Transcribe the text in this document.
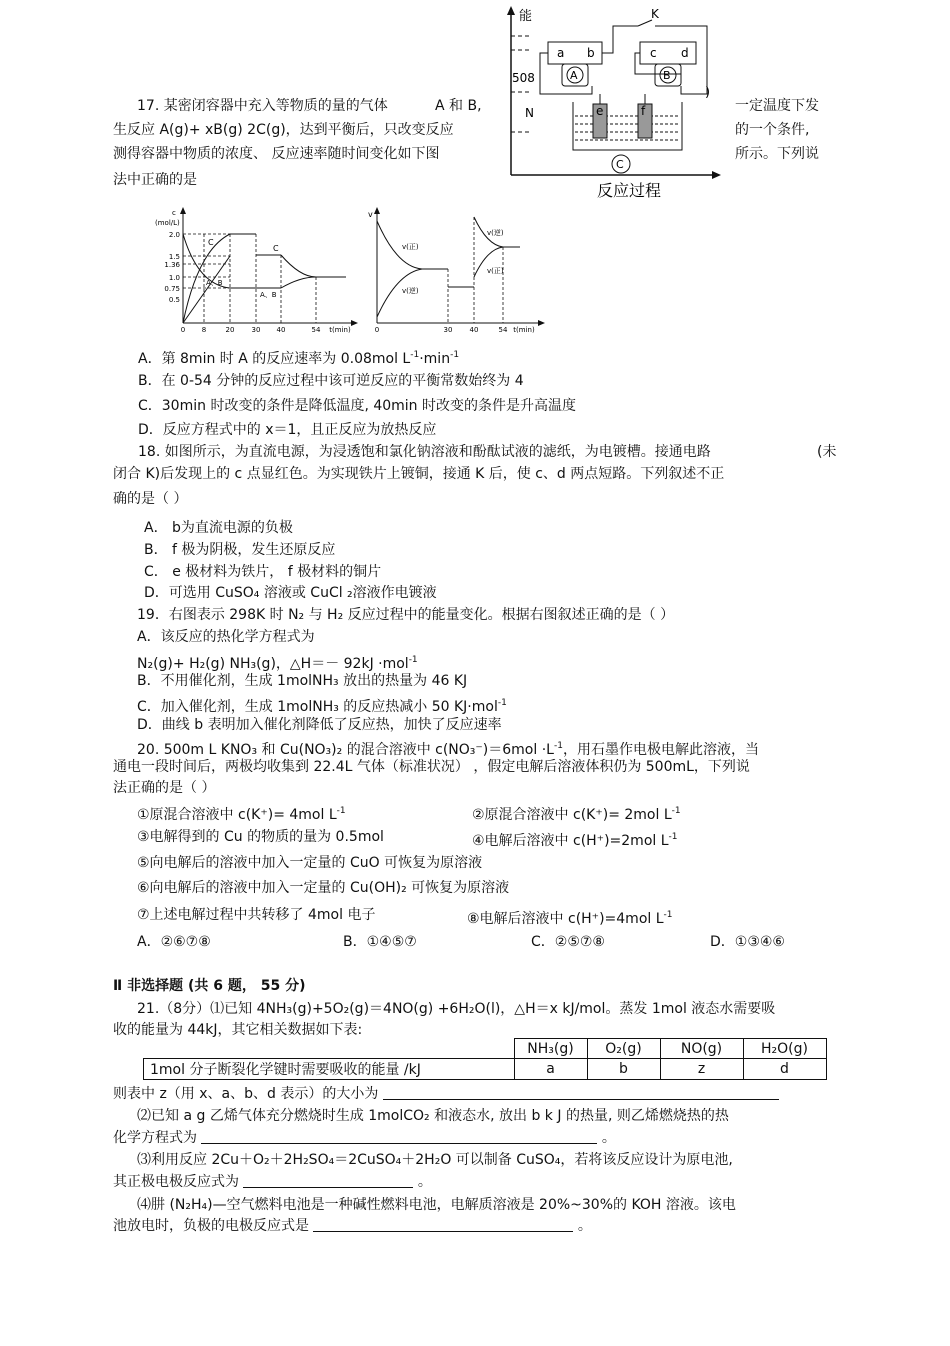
能
508
N
)
K
a b	c d
A	B
e	f
C
反应过程
17. 某密闭容器中充入等物质的量的气体	A 和 B,	一定温度下发
生反应 A(g)+ xB(g) 2C(g)，达到平衡后，只改变反应	的一个条件,
测得容器中物质的浓度、 反应速率随时间变化如下图	所示。下列说
法中正确的是
c
(mol/L)
2.0
1.5
1.36
1.0
0.75
0.5
0 8	20 30 40	54 t(min)
C
C
A、B
A、B
v
0	30 40	54 t(min)
v(正)
v(逆)
v(逆)
v(正)
A．第 8min 时 A 的反应速率为 0.08mol $L^{-1}\cdot\min^{-1}$
B．在 0-54 分钟的反应过程中该可逆反应的平衡常数始终为 4
C．30min 时改变的条件是降低温度, 40min 时改变的条件是升高温度
D．反应方程式中的 x＝1，且正反应为放热反应
18. 如图所示，为直流电源，为浸透饱和氯化钠溶液和酚酞试液的滤纸，为电镀槽。接通电路	(未
闭合 K)后发现上的 c 点显红色。为实现铁片上镀铜，接通 K 后，使 c、d 两点短路。下列叙述不正
确的是（ ）
A． b为直流电源的负极
B． f 极为阴极，发生还原反应
C． e 极材料为铁片， f 极材料的铜片
D．可选用 CuSO₄ 溶液或 CuCl ₂溶液作电镀液
19．右图表示 298K 时 N₂ 与 H₂ 反应过程中的能量变化。根据右图叙述正确的是（ ）
A．该反应的热化学方程式为
N₂(g)+ H₂(g) NH₃(g)，△H＝－ 92kJ ·mol$^{-1}$
B．不用催化剂，生成 1molNH₃ 放出的热量为 46 KJ
C．加入催化剂，生成 1molNH₃ 的反应热减小 50 KJ·mol$^{-1}$
D．曲线 b 表明加入催化剂降低了反应热，加快了反应速率
20. 500m L KNO₃ 和 Cu(NO₃)₂ 的混合溶液中 $c(NO_3^-)=6mol \cdot L^{-1}$，用石墨作电极电解此溶液，当
通电一段时间后，两极均收集到 22.4L 气体（标准状况） ，假定电解后溶液体积仍为 500mL，下列说
法正确的是（ ）
①原混合溶液中 c(K⁺)= 4mol $L^{-1}$	②原混合溶液中 c(K⁺)= 2mol $L^{-1}$
③电解得到的 Cu 的物质的量为 0.5mol	④电解后溶液中 c(H⁺)=2mol $L^{-1}$
⑤向电解后的溶液中加入一定量的 CuO 可恢复为原溶液
⑥向电解后的溶液中加入一定量的 Cu(OH)₂ 可恢复为原溶液
⑦上述电解过程中共转移了 4mol 电子	⑧电解后溶液中 c(H⁺)=4mol $L^{-1}$
A．②⑥⑦⑧	B．①④⑤⑦	C．②⑤⑦⑧	D．①③④⑥
Ⅱ 非选择题 (共 6 题， 55 分)
21.（8分）⑴已知 4NH₃(g)+5O₂(g)＝4NO(g) +6H₂O(l)，△H＝x kJ/mol。蒸发 1mol 液态水需要吸
收的能量为 44kJ，其它相关数据如下表:
	NH₃(g)	O₂(g)	NO(g)	H₂O(g)
1mol 分子断裂化学键时需要吸收的能量 /kJ	a	b	z	d
则表中 z（用 x、a、b、d 表示）的大小为
⑵已知 a g 乙烯气体充分燃烧时生成 1molCO₂ 和液态水, 放出 b k J 的热量, 则乙烯燃烧热的热
化学方程式为	。
⑶利用反应 2Cu＋O₂＋2H₂SO₄＝2CuSO₄＋2H₂O 可以制备 CuSO₄，若将该反应设计为原电池,
其正极电极反应式为	。
⑷肼 (N₂H₄)—空气燃料电池是一种碱性燃料电池，电解质溶液是 20%~30%的 KOH 溶液。该电
池放电时，负极的电极反应式是	。
